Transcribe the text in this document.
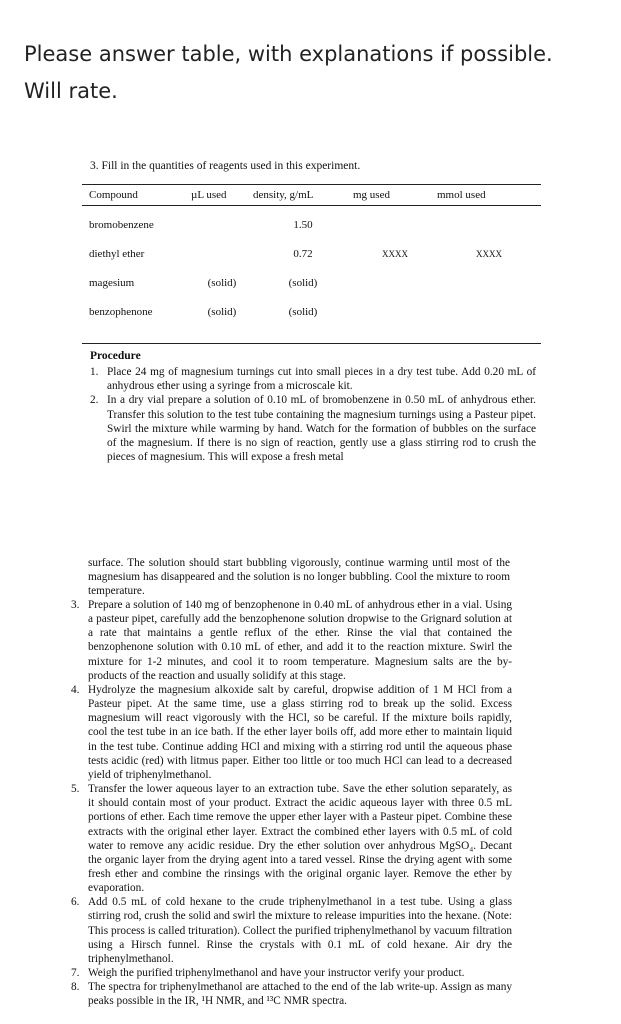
Please answer table, with explanations if possible. Will rate.
3. Fill in the quantities of reagents used in this experiment.
Compound	µL used	density, g/mL	mg used	mmol used
bromobenzene		1.50		
diethyl ether		0.72	XXXX	XXXX
magesium	(solid)	(solid)		
benzophenone	(solid)	(solid)		
Procedure
1. Place 24 mg of magnesium turnings cut into small pieces in a dry test tube. Add 0.20 mL of anhydrous ether using a syringe from a microscale kit.
2. In a dry vial prepare a solution of 0.10 mL of bromobenzene in 0.50 mL of anhydrous ether. Transfer this solution to the test tube containing the magnesium turnings using a Pasteur pipet. Swirl the mixture while warming by hand. Watch for the formation of bubbles on the surface of the magnesium. If there is no sign of reaction, gently use a glass stirring rod to crush the pieces of magnesium. This will expose a fresh metal

surface. The solution should start bubbling vigorously, continue warming until most of the magnesium has disappeared and the solution is no longer bubbling. Cool the mixture to room temperature.

3. Prepare a solution of 140 mg of benzophenone in 0.40 mL of anhydrous ether in a vial. Using a pasteur pipet, carefully add the benzophenone solution dropwise to the Grignard solution at a rate that maintains a gentle reflux of the ether. Rinse the vial that contained the benzophenone solution with 0.10 mL of ether, and add it to the reaction mixture. Swirl the mixture for 1-2 minutes, and cool it to room temperature. Magnesium salts are the by-products of the reaction and usually solidify at this stage.
4. Hydrolyze the magnesium alkoxide salt by careful, dropwise addition of 1 M HCl from a Pasteur pipet. At the same time, use a glass stirring rod to break up the solid. Excess magnesium will react vigorously with the HCl, so be careful. If the mixture boils rapidly, cool the test tube in an ice bath. If the ether layer boils off, add more ether to maintain liquid in the test tube. Continue adding HCl and mixing with a stirring rod until the aqueous phase tests acidic (red) with litmus paper. Either too little or too much HCl can lead to a decreased yield of triphenylmethanol.
5. Transfer the lower aqueous layer to an extraction tube. Save the ether solution separately, as it should contain most of your product. Extract the acidic aqueous layer with three 0.5 mL portions of ether. Each time remove the upper ether layer with a Pasteur pipet. Combine these extracts with the original ether layer. Extract the combined ether layers with 0.5 mL of cold water to remove any acidic residue. Dry the ether solution over anhydrous MgSO₄. Decant the organic layer from the drying agent into a tared vessel. Rinse the drying agent with some fresh ether and combine the rinsings with the original organic layer. Remove the ether by evaporation.
6. Add 0.5 mL of cold hexane to the crude triphenylmethanol in a test tube. Using a glass stirring rod, crush the solid and swirl the mixture to release impurities into the hexane. (Note: This process is called trituration). Collect the purified triphenylmethanol by vacuum filtration using a Hirsch funnel. Rinse the crystals with 0.1 mL of cold hexane. Air dry the triphenylmethanol.
7. Weigh the purified triphenylmethanol and have your instructor verify your product.
8. The spectra for triphenylmethanol are attached to the end of the lab write-up. Assign as many peaks possible in the IR, ¹H NMR, and ¹³C NMR spectra.
